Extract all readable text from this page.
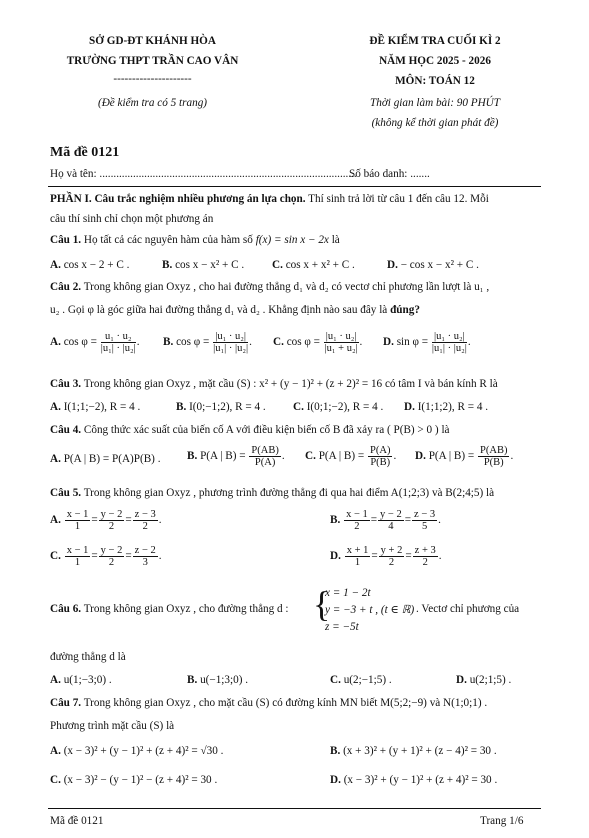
SỞ GD-ĐT KHÁNH HÒA
TRƯỜNG THPT TRẦN CAO VÂN
---------------------
(Đề kiểm tra có 5 trang)
ĐỀ KIỂM TRA CUỐI KÌ 2
NĂM HỌC 2025 - 2026
MÔN: TOÁN 12
Thời gian làm bài: 90 PHÚT
(không kể thời gian phát đề)
Mã đề 0121
Họ và tên: ............................................................................................
Số báo danh: .......
PHẦN I. Câu trắc nghiệm nhiều phương án lựa chọn. Thí sinh trả lời từ câu 1 đến câu 12. Mỗi
câu thí sinh chỉ chọn một phương án
Câu 1. Họ tất cả các nguyên hàm của hàm số f(x) = sin x − 2x là
A. cos x − 2 + C .	B. cos x − x² + C . C. cos x + x² + C .	D. − cos x − x² + C .
Câu 2. Trong không gian Oxyz , cho hai đường thẳng d₁ và d₂ có vectơ chỉ phương lần lượt là u₁ ,
u₂ . Gọi φ là góc giữa hai đường thẳng d₁ và d₂ . Khẳng định nào sau đây là đúng?
A. $\cos \varphi = \frac{\text{u₁ · u₂}}{\text{|u₁| · |u₂|}}$ . B. $\cos \varphi = \frac{\text{|u₁ · u₂|}}{\text{|u₁| · |u₂|}}$ . C. $\cos \varphi = \frac{\text{|u₁ · u₂|}}{\text{|u₁ + u₂|}}$ . D. $\sin \varphi = \frac{\text{|u₁ · u₂|}}{\text{|u₁| · |u₂|}}$ .
Câu 3. Trong không gian Oxyz , mặt cầu (S) : x² + (y − 1)² + (z + 2)² = 16 có tâm I và bán kính R là
A. I(1;1;−2), R = 4 .	B. I(0;−1;2), R = 4 . C. I(0;1;−2), R = 4 . D. I(1;1;2), R = 4 .
Câu 4. Công thức xác suất của biến cố A với điều kiện biến cố B đã xảy ra ( P(B) > 0 ) là
A. P(A | B) = P(A)P(B) . B. P(A | $B) = \frac{P(AB)}{P(A)}$ . C. P(A | $B) = \frac{P(A)}{P(B)}$ . D. P(A | $B) = \frac{P(AB)}{P(B)}$ .
Câu 5. Trong không gian Oxyz , phương trình đường thẳng đi qua hai điểm A(1;2;3) và B(2;4;5) là
A. $\frac{x - 1}{1} = \frac{y - 2}{2} = \frac{z - 3}{2}$ .	B. $\frac{x - 1}{2} = \frac{y - 2}{4} = \frac{z - 3}{5}$ .
C. $\frac{x - 1}{1} = \frac{y - 2}{2} = \frac{z - 2}{3}$ .	D. $\frac{x + 1}{1} = \frac{y + 2}{2} = \frac{z + 3}{2}$ .
Câu 6. Trong không gian Oxyz , cho đường thẳng d : {
x = 1 − 2t
y = −3 + t , (t ∈ ℝ)
z = −5t
. Vectơ chỉ phương của
đường thẳng d là
A. u(1;−3;0) .	B. u(−1;3;0) .	C. u(2;−1;5) .	D. u(2;1;5) .
Câu 7. Trong không gian Oxyz , cho mặt cầu (S) có đường kính MN biết M(5;2;−9) và N(1;0;1) .
Phương trình mặt cầu (S) là
A. (x − 3)² + (y − 1)² + (z + 4)² = √30 .	B. (x + 3)² + (y + 1)² + (z − 4)² = 30 .
C. (x − 3)² − (y − 1)² − (z + 4)² = 30 .	D. (x − 3)² + (y − 1)² + (z + 4)² = 30 .
Mã đề 0121	Trang 1/6
